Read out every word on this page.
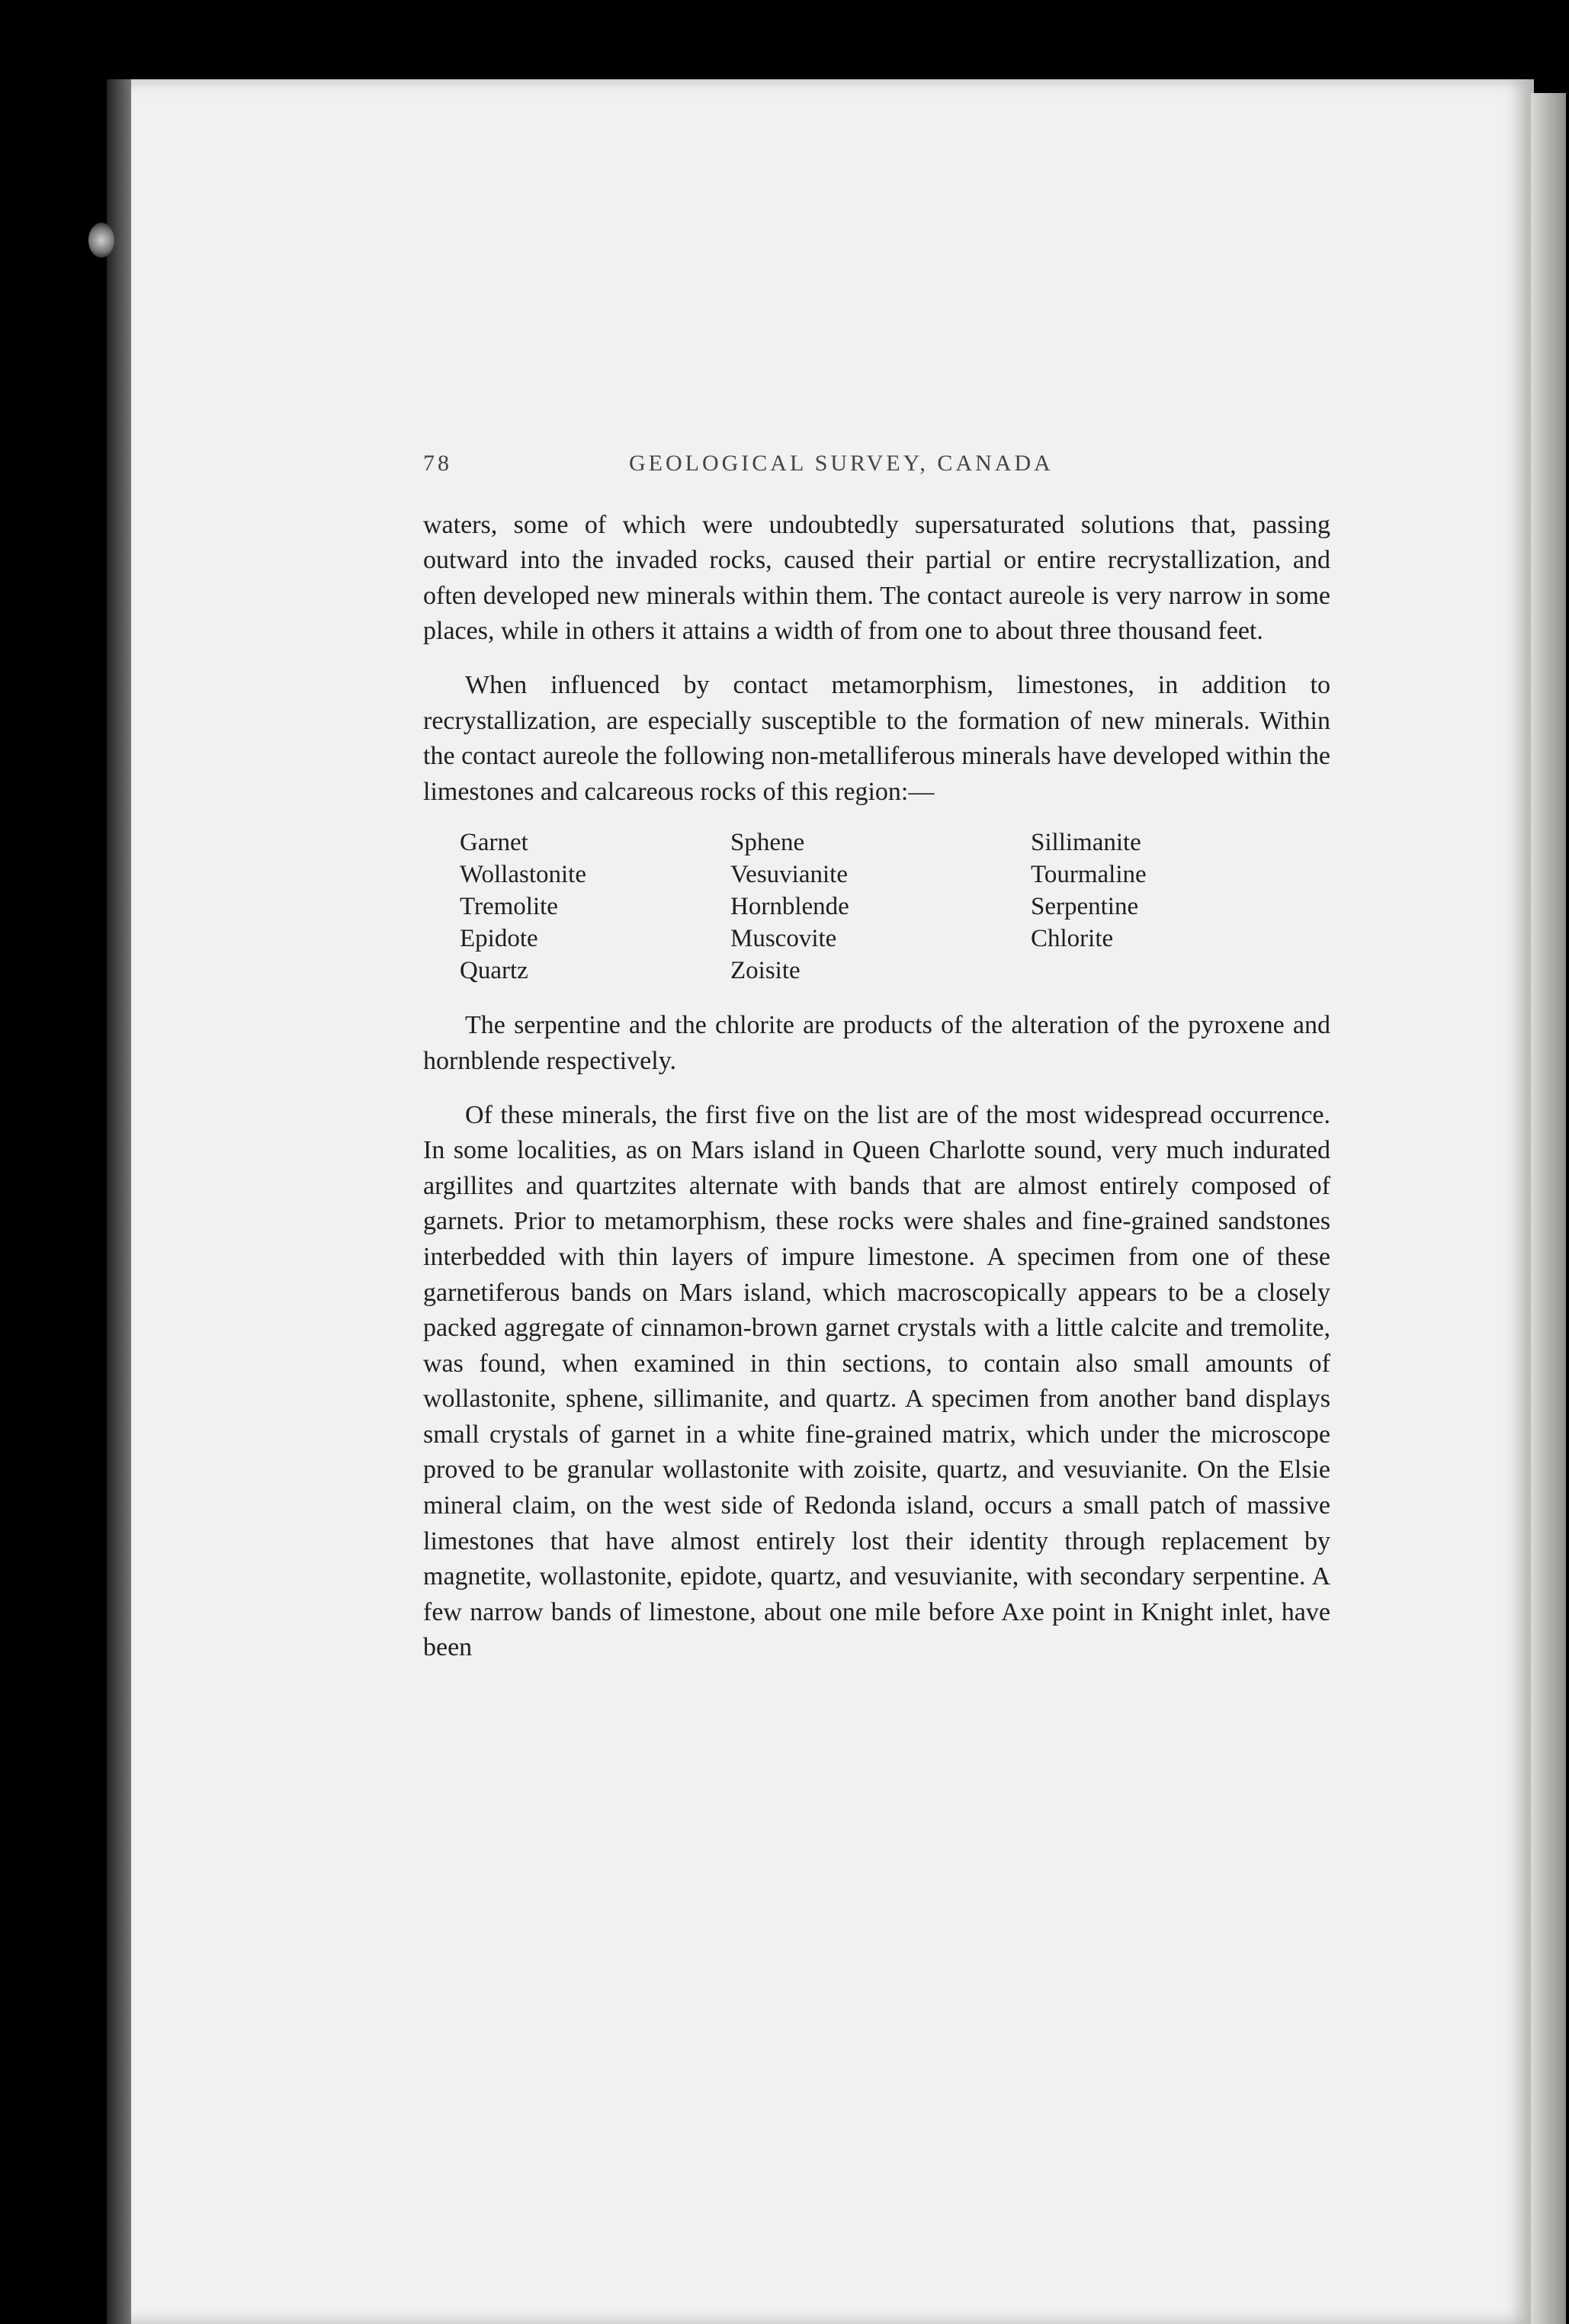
78	GEOLOGICAL SURVEY, CANADA

waters, some of which were undoubtedly supersaturated solutions that, passing outward into the invaded rocks, caused their partial or entire recrystallization, and often developed new minerals within them. The contact aureole is very narrow in some places, while in others it attains a width of from one to about three thousand feet.

When influenced by contact metamorphism, limestones, in addition to recrystallization, are especially susceptible to the formation of new minerals. Within the contact aureole the following non-metalliferous minerals have developed within the limestones and calcareous rocks of this region:—

Garnet	Sphene	Sillimanite
Wollastonite	Vesuvianite	Tourmaline
Tremolite	Hornblende	Serpentine
Epidote	Muscovite	Chlorite
Quartz	Zoisite

The serpentine and the chlorite are products of the alteration of the pyroxene and hornblende respectively.

Of these minerals, the first five on the list are of the most widespread occurrence. In some localities, as on Mars island in Queen Charlotte sound, very much indurated argillites and quartzites alternate with bands that are almost entirely composed of garnets. Prior to metamorphism, these rocks were shales and fine-grained sandstones interbedded with thin layers of impure limestone. A specimen from one of these garnetiferous bands on Mars island, which macroscopically appears to be a closely packed aggregate of cinnamon-brown garnet crystals with a little calcite and tremolite, was found, when examined in thin sections, to contain also small amounts of wollastonite, sphene, sillimanite, and quartz. A specimen from another band displays small crystals of garnet in a white fine-grained matrix, which under the microscope proved to be granular wollastonite with zoisite, quartz, and vesuvianite. On the Elsie mineral claim, on the west side of Redonda island, occurs a small patch of massive limestones that have almost entirely lost their identity through replacement by magnetite, wollastonite, epidote, quartz, and vesuvianite, with secondary serpentine. A few narrow bands of limestone, about one mile before Axe point in Knight inlet, have been
